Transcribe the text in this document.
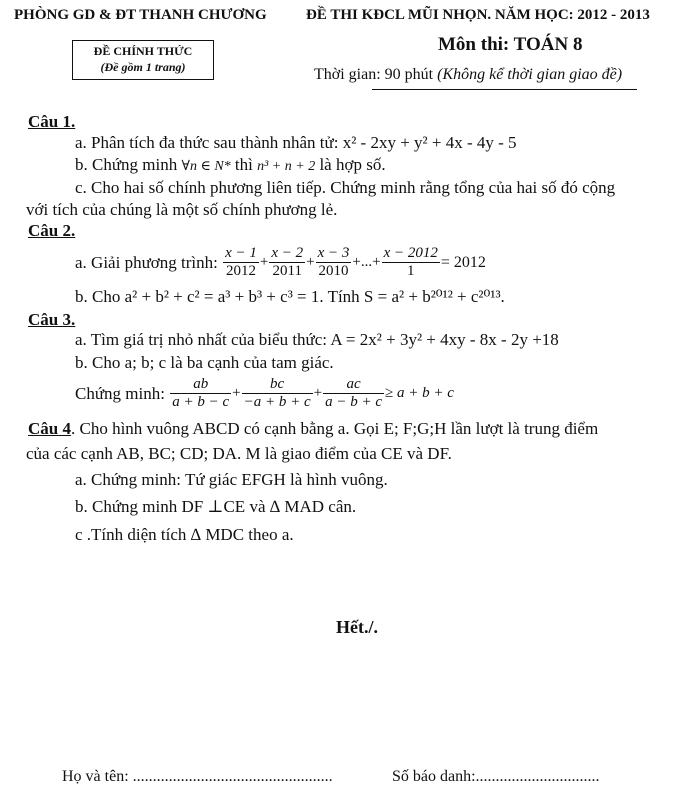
PHÒNG GD & ĐT THANH CHƯƠNG	ĐỀ THI KĐCL MŨI NHỌN. NĂM HỌC: 2012 - 2013
ĐỀ CHÍNH THỨC
(Đề gồm 1 trang)
Môn thi: TOÁN 8
Thời gian: 90 phút (Không kể thời gian giao đề)
Câu 1.
a. Phân tích đa thức sau thành nhân tử: x² - 2xy + y² + 4x - 4y - 5
b. Chứng minh ∀n ∈ N* thì n³ + n + 2 là hợp số.
c. Cho hai số chính phương liên tiếp. Chứng minh rằng tổng của hai số đó cộng
với tích của chúng là một số chính phương lẻ.
Câu 2.
a. Giải phương trình: $\frac{x - 1}{2012} + \frac{x - 2}{2011} + \frac{x - 3}{2010}$ +...+ $\frac{x - 2012}{1} = 2012$
b. Cho a² + b² + c² = a³ + b³ + c³ = 1. Tính S = a² + b²⁰¹² + c²⁰¹³.
Câu 3.
a. Tìm giá trị nhỏ nhất của biểu thức: A = 2x² + 3y² + 4xy - 8x - 2y +18
b. Cho a; b; c là ba cạnh của tam giác.
Chứng minh: $\frac{ab}{a + b - c} + \frac{bc}{-a + b + c} + \frac{ac}{a - b + c} \ge a + b + c$
Câu 4. Cho hình vuông ABCD có cạnh bằng a. Gọi E; F;G;H lần lượt là trung điểm
của các cạnh AB, BC; CD; DA. M là giao điểm của CE và DF.
a. Chứng minh: Tứ giác EFGH là hình vuông.
b. Chứng minh DF ⊥CE và ∆ MAD cân.
c .Tính diện tích ∆ MDC theo a.
Hết./.
Họ và tên: ..................................................	Số báo danh:...............................
